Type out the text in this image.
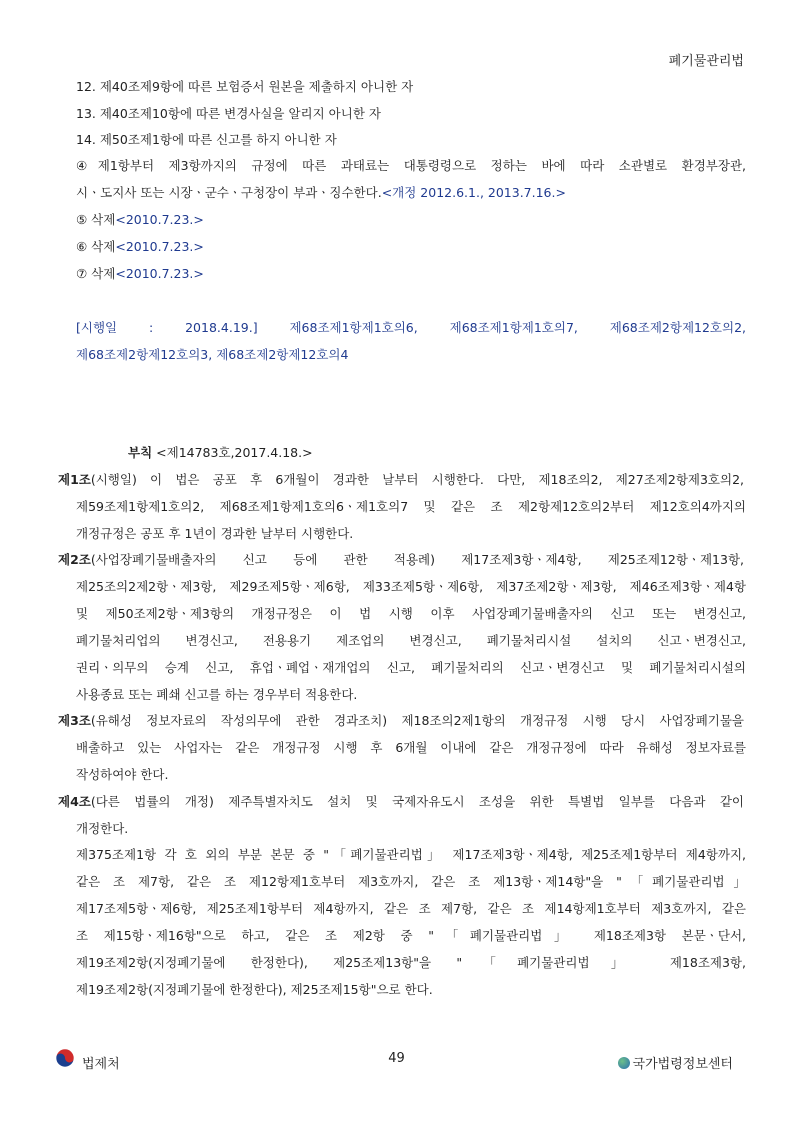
폐기물관리법
12. 제40조제9항에 따른 보험증서 원본을 제출하지 아니한 자
13. 제40조제10항에 따른 변경사실을 알리지 아니한 자
14. 제50조제1항에 따른 신고를 하지 아니한 자
④제1항부터 제3항까지의 규정에 따른 과태료는 대통령령으로 정하는 바에 따라 소관별로 환경부장관,
시ㆍ도지사 또는 시장ㆍ군수ㆍ구청장이 부과ㆍ징수한다.<개정 2012.6.1., 2013.7.16.>
⑤ 삭제<2010.7.23.>
⑥ 삭제<2010.7.23.>
⑦ 삭제<2010.7.23.>
[시행일 : 2018.4.19.] 제68조제1항제1호의6, 제68조제1항제1호의7, 제68조제2항제12호의2,
제68조제2항제12호의3, 제68조제2항제12호의4
부칙 <제14783호,2017.4.18.>
제1조(시행일) 이 법은 공포 후 6개월이 경과한 날부터 시행한다. 다만, 제18조의2, 제27조제2항제3호의2,
제59조제1항제1호의2, 제68조제1항제1호의6ㆍ제1호의7 및 같은 조 제2항제12호의2부터 제12호의4까지의
개정규정은 공포 후 1년이 경과한 날부터 시행한다.
제2조(사업장폐기물배출자의 신고 등에 관한 적용례) 제17조제3항ㆍ제4항, 제25조제12항ㆍ제13항,
제25조의2제2항ㆍ제3항, 제29조제5항ㆍ제6항, 제33조제5항ㆍ제6항, 제37조제2항ㆍ제3항, 제46조제3항ㆍ제4항
및 제50조제2항ㆍ제3항의 개정규정은 이 법 시행 이후 사업장폐기물배출자의 신고 또는 변경신고,
폐기물처리업의 변경신고, 전용용기 제조업의 변경신고, 폐기물처리시설 설치의 신고ㆍ변경신고,
권리ㆍ의무의 승계 신고, 휴업ㆍ폐업ㆍ재개업의 신고, 폐기물처리의 신고ㆍ변경신고 및 폐기물처리시설의
사용종료 또는 폐쇄 신고를 하는 경우부터 적용한다.
제3조(유해성 정보자료의 작성의무에 관한 경과조치) 제18조의2제1항의 개정규정 시행 당시 사업장폐기물을
배출하고 있는 사업자는 같은 개정규정 시행 후 6개월 이내에 같은 개정규정에 따라 유해성 정보자료를
작성하여야 한다.
제4조(다른 법률의 개정) 제주특별자치도 설치 및 국제자유도시 조성을 위한 특별법 일부를 다음과 같이
개정한다.
제375조제1항 각 호 외의 부분 본문 중 "「폐기물관리법」 제17조제3항ㆍ제4항, 제25조제1항부터 제4항까지,
같은 조 제7항, 같은 조 제12항제1호부터 제3호까지, 같은 조 제13항ㆍ제14항"을 "「폐기물관리법」
제17조제5항ㆍ제6항, 제25조제1항부터 제4항까지, 같은 조 제7항, 같은 조 제14항제1호부터 제3호까지, 같은
조 제15항ㆍ제16항"으로 하고, 같은 조 제2항 중 "「폐기물관리법」 제18조제3항 본문ㆍ단서,
제19조제2항(지정폐기물에 한정한다), 제25조제13항"을 "「폐기물관리법」 제18조제3항,
제19조제2항(지정폐기물에 한정한다), 제25조제15항"으로 한다.
법제처	49	국가법령정보센터
